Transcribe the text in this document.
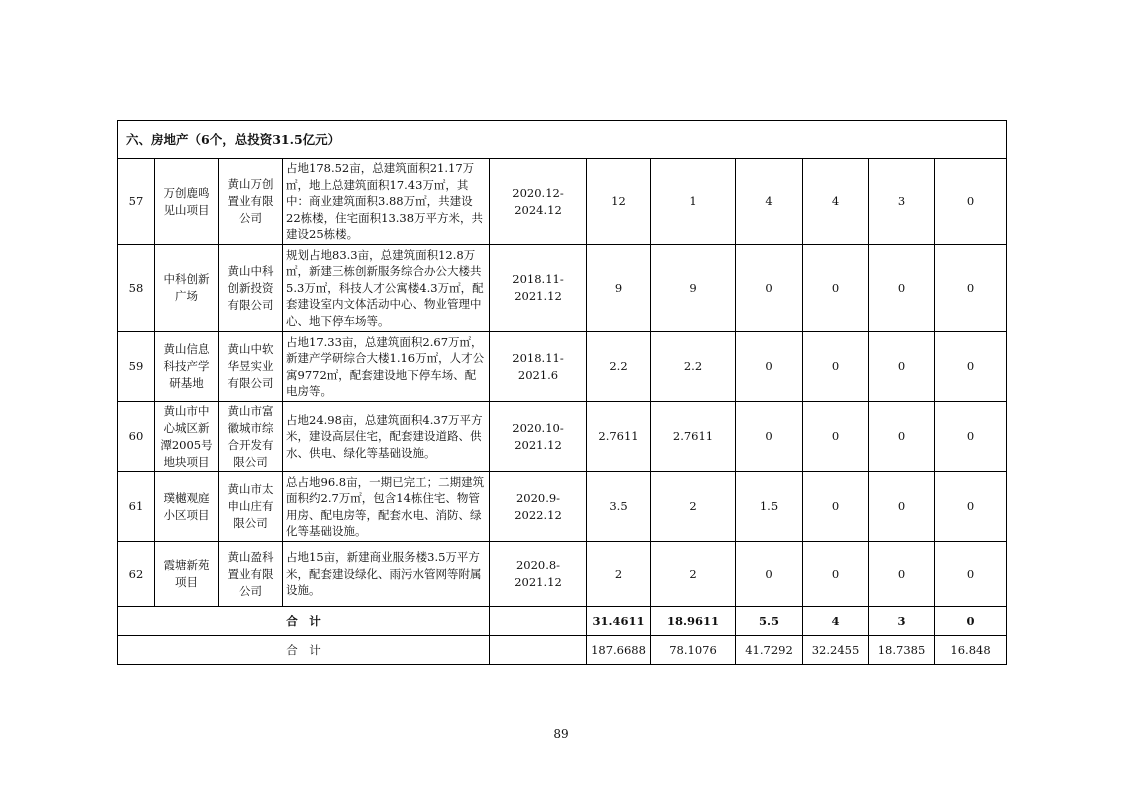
六、房地产（6个，总投资31.5亿元）										
57	万创鹿鸣见山项目	黄山万创置业有限公司	占地178.52亩，总建筑面积21.17万㎡，地上总建筑面积17.43万㎡，其中：商业建筑面积3.88万㎡，共建设22栋楼，住宅面积13.38万平方米，共建设25栋楼。	2020.12-2024.12	12	1	4	4	3	0
58	中科创新广场	黄山中科创新投资有限公司	规划占地83.3亩，总建筑面积12.8万㎡，新建三栋创新服务综合办公大楼共5.3万㎡，科技人才公寓楼4.3万㎡，配套建设室内文体活动中心、物业管理中心、地下停车场等。	2018.11-2021.12	9	9	0	0	0	0
59	黄山信息科技产学研基地	黄山中软华昱实业有限公司	占地17.33亩，总建筑面积2.67万㎡，新建产学研综合大楼1.16万㎡，人才公寓9772㎡，配套建设地下停车场、配电房等。	2018.11-2021.6	2.2	2.2	0	0	0	0
60	黄山市中心城区新潭2005号地块项目	黄山市富徽城市综合开发有限公司	占地24.98亩，总建筑面积4.37万平方米，建设高层住宅，配套建设道路、供水、供电、绿化等基础设施。	2020.10-2021.12	2.7611	2.7611	0	0	0	0
61	璞樾观庭小区项目	黄山市太申山庄有限公司	总占地96.8亩，一期已完工；二期建筑面积约2.7万㎡，包含14栋住宅、物管用房、配电房等，配套水电、消防、绿化等基础设施。	2020.9-2022.12	3.5	2	1.5	0	0	0
62	霞塘新苑项目	黄山盈科置业有限公司	占地15亩，新建商业服务楼3.5万平方米，配套建设绿化、雨污水管网等附属设施。	2020.8-2021.12	2	2	0	0	0	0
合　计					31.4611	18.9611	5.5	4	3	0
合　计					187.6688	78.1076	41.7292	32.2455	18.7385	16.848
89
